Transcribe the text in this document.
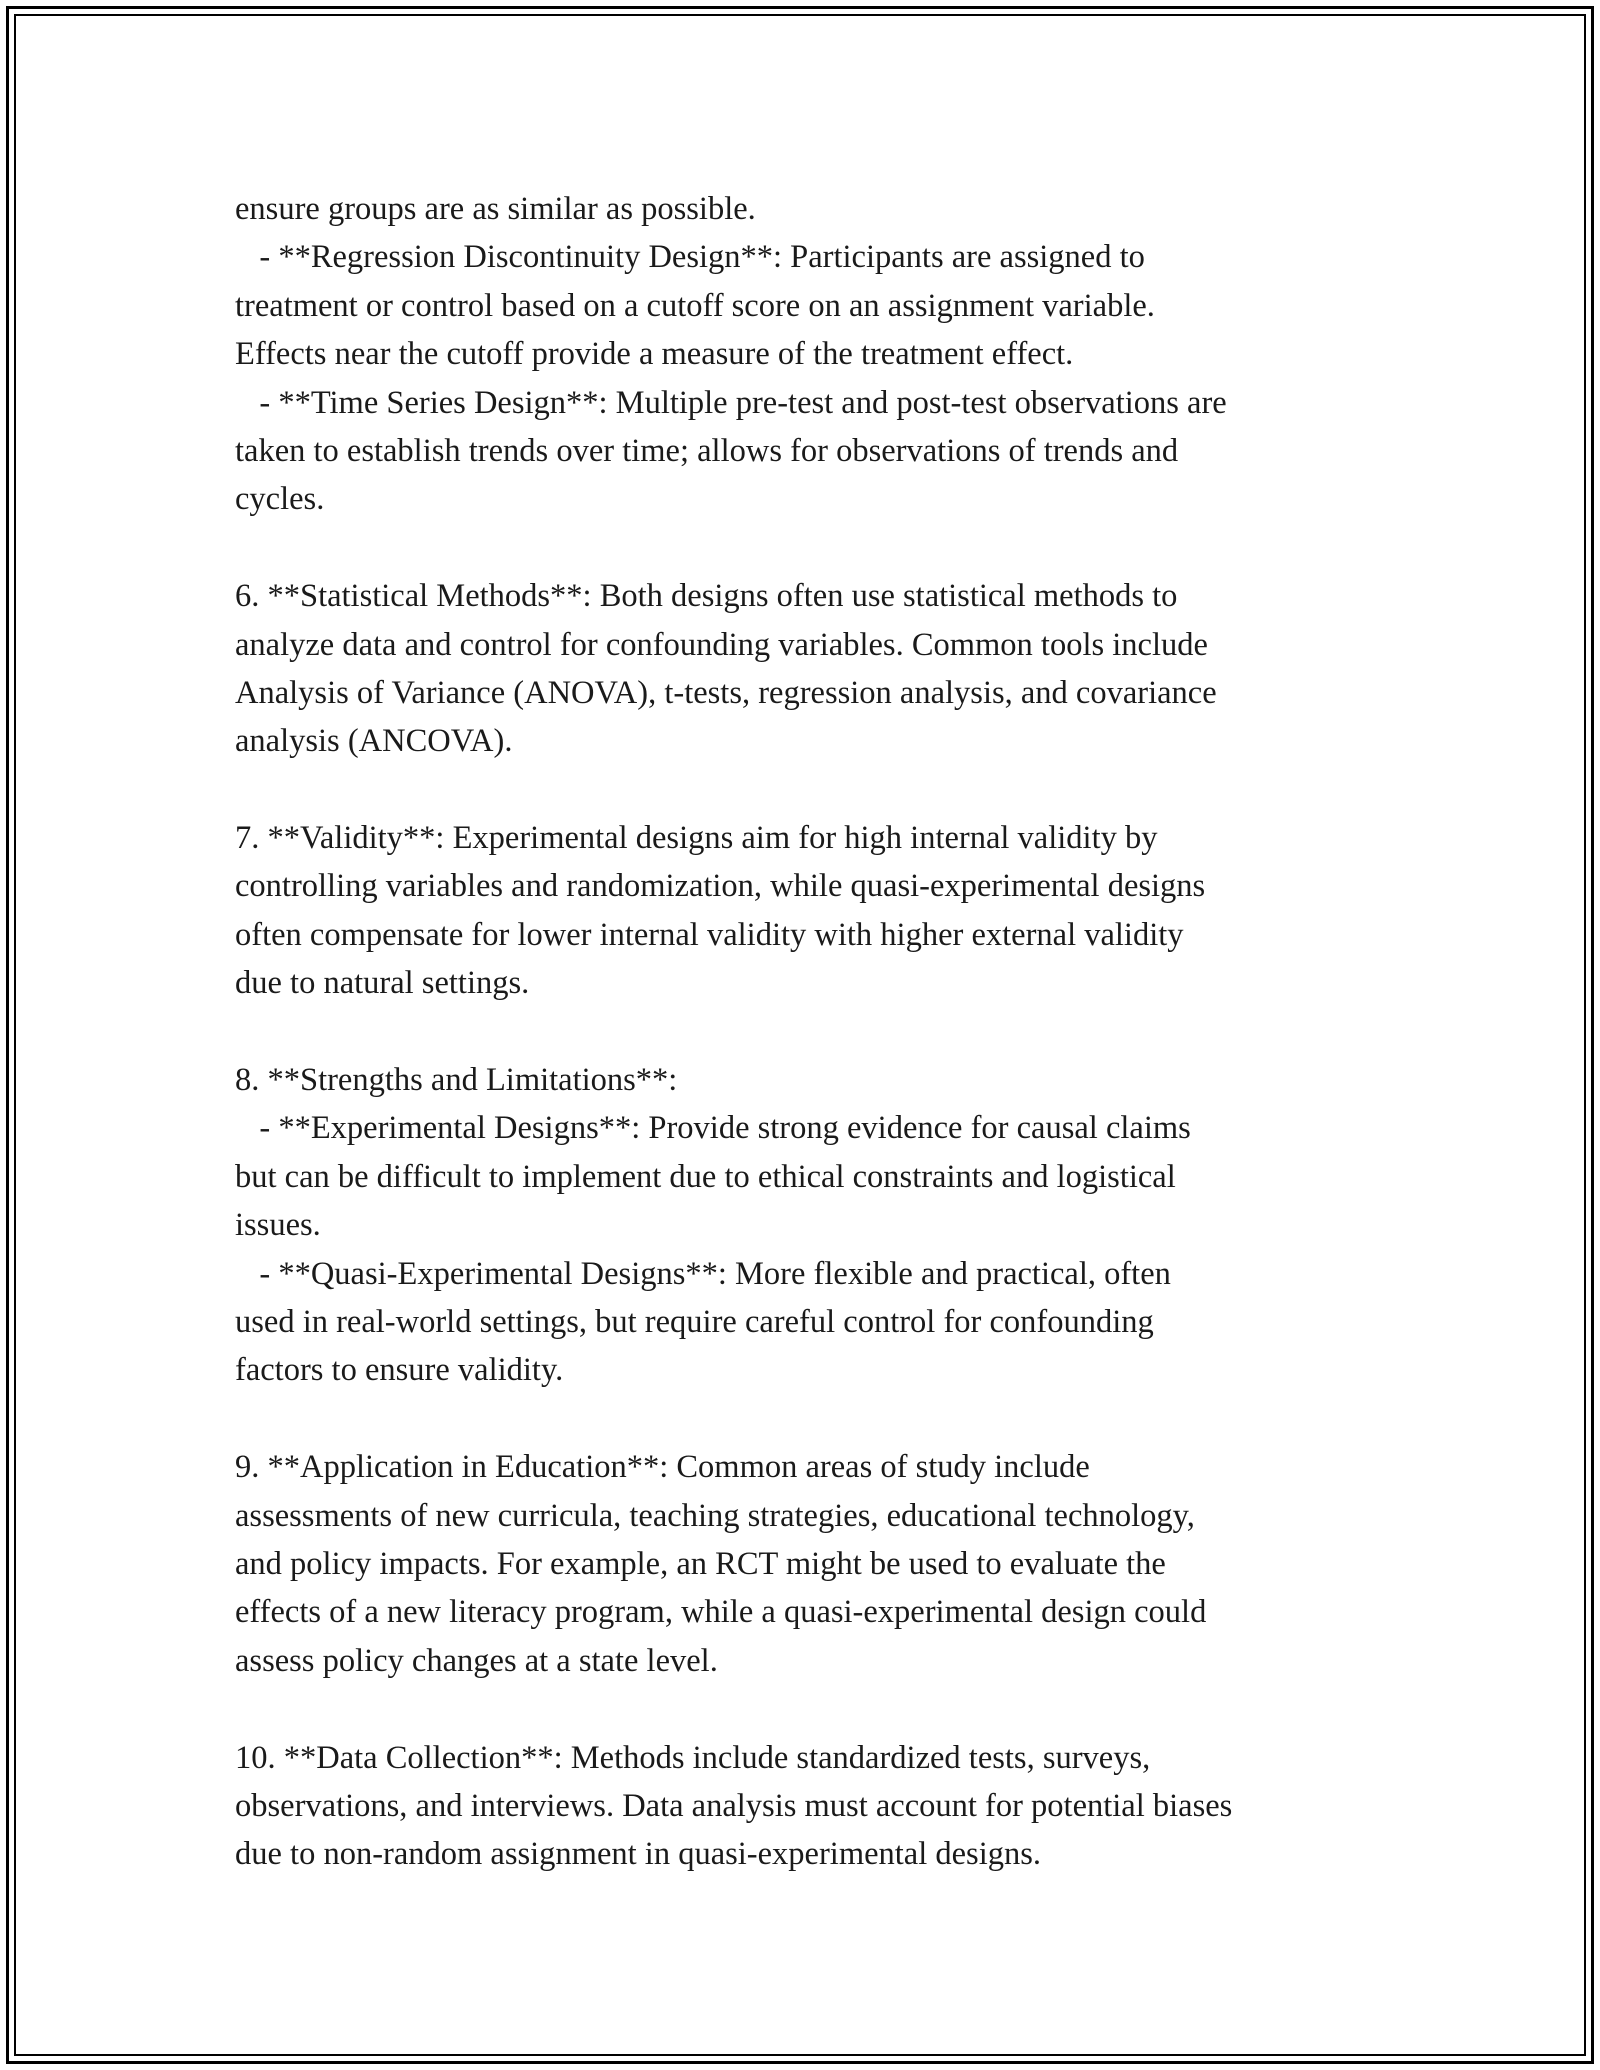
ensure groups are as similar as possible.
- **Regression Discontinuity Design**: Participants are assigned to
treatment or control based on a cutoff score on an assignment variable.
Effects near the cutoff provide a measure of the treatment effect.
- **Time Series Design**: Multiple pre-test and post-test observations are
taken to establish trends over time; allows for observations of trends and
cycles.
6. **Statistical Methods**: Both designs often use statistical methods to
analyze data and control for confounding variables. Common tools include
Analysis of Variance (ANOVA), t-tests, regression analysis, and covariance
analysis (ANCOVA).
7. **Validity**: Experimental designs aim for high internal validity by
controlling variables and randomization, while quasi-experimental designs
often compensate for lower internal validity with higher external validity
due to natural settings.
8. **Strengths and Limitations**:
- **Experimental Designs**: Provide strong evidence for causal claims
but can be difficult to implement due to ethical constraints and logistical
issues.
- **Quasi-Experimental Designs**: More flexible and practical, often
used in real-world settings, but require careful control for confounding
factors to ensure validity.
9. **Application in Education**: Common areas of study include
assessments of new curricula, teaching strategies, educational technology,
and policy impacts. For example, an RCT might be used to evaluate the
effects of a new literacy program, while a quasi-experimental design could
assess policy changes at a state level.
10. **Data Collection**: Methods include standardized tests, surveys,
observations, and interviews. Data analysis must account for potential biases
due to non-random assignment in quasi-experimental designs.
